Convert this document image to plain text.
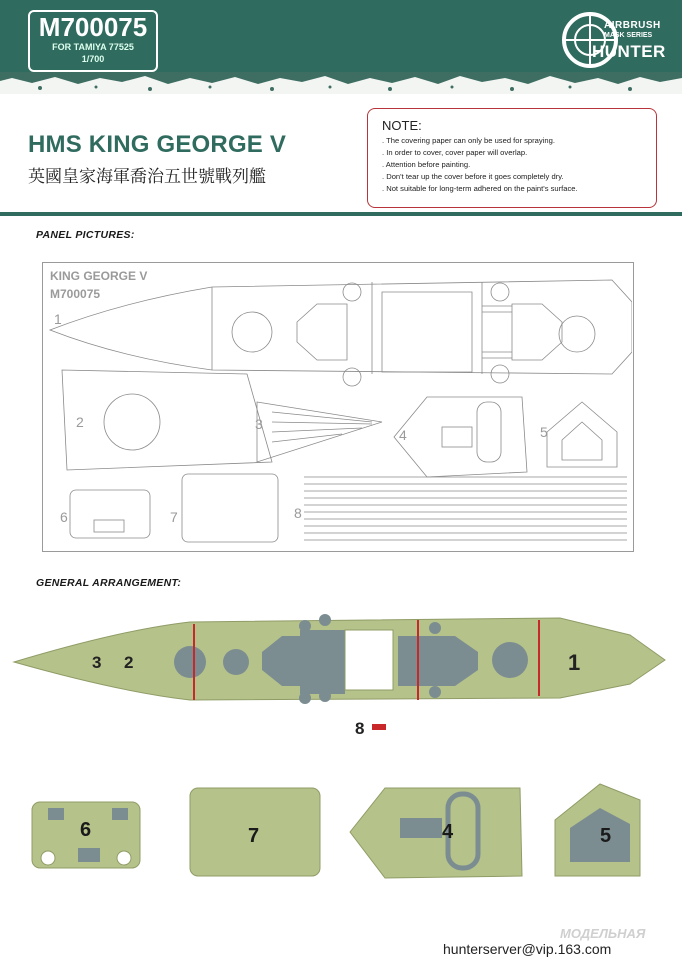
M700075
FOR TAMIYA 77525
1/700
AIRBRUSH
MASK SERIES
HUNTER
HMS KING GEORGE V
英國皇家海軍喬治五世號戰列艦
NOTE:
. The covering paper can only be used for spraying.
. In order to cover, cover paper will overlap.
. Attention before painting.
. Don't tear up the cover before it goes completely dry.
. Not suitable for long-term adhered on the paint's surface.
PANEL PICTURES:
KING GEORGE V
M700075
1
2	3
4	5
6	7	8
GENERAL ARRANGEMENT:
3 2	1
8
6	7	4	5
МОДЕЛЬНАЯ
hunterserver@vip.163.com
